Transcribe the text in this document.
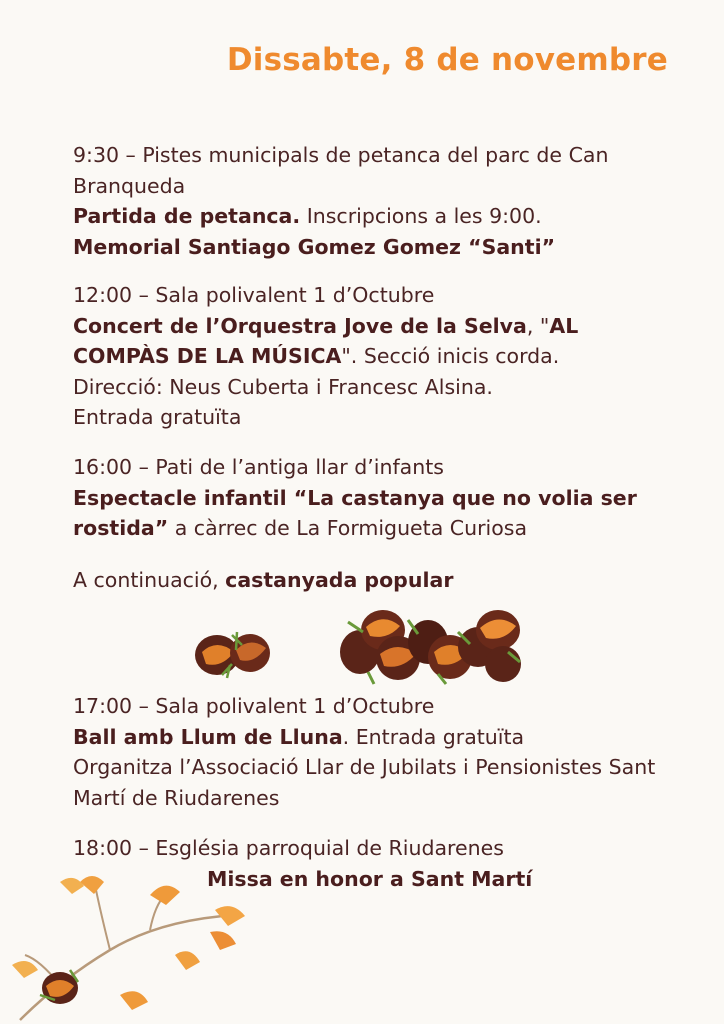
Dissabte, 8 de novembre
9:30 – Pistes municipals de petanca del parc de Can Branqueda
Partida de petanca. Inscripcions a les 9:00.
Memorial Santiago Gomez Gomez “Santi”
12:00 – Sala polivalent 1 d’Octubre
Concert de l’Orquestra Jove de la Selva, "AL COMPÀS DE LA MÚSICA". Secció inicis corda.
Direcció: Neus Cuberta i Francesc Alsina.
Entrada gratuïta
16:00 – Pati de l’antiga llar d’infants
Espectacle infantil “La castanya que no volia ser rostida” a càrrec de La Formigueta Curiosa
A continuació, castanyada popular
17:00 – Sala polivalent 1 d’Octubre
Ball amb Llum de Lluna. Entrada gratuïta
Organitza l’Associació Llar de Jubilats i Pensionistes Sant Martí de Riudarenes
18:00 – Església parroquial de Riudarenes
Missa en honor a Sant Martí
